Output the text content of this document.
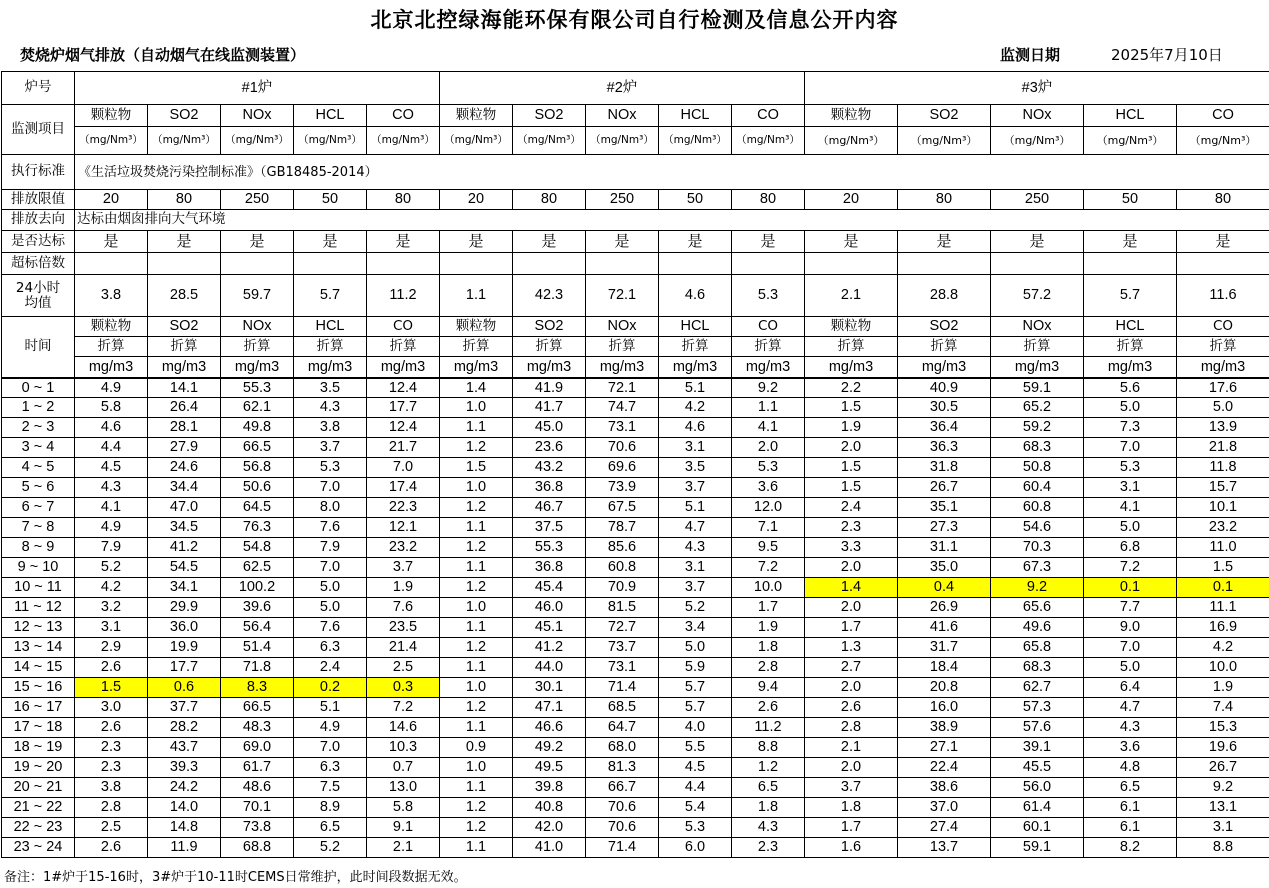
北京北控绿海能环保有限公司自行检测及信息公开内容
焚烧炉烟气排放（自动烟气在线监测装置）	监测日期	2025年7月10日
炉号	#1炉					#2炉					#3炉				
监测项目	颗粒物	SO2	NOx	HCL	CO	颗粒物	SO2	NOx	HCL	CO	颗粒物	SO2	NOx	HCL	CO
	（mg/Nm³）	（mg/Nm³）	（mg/Nm³）	（mg/Nm³）	（mg/Nm³）	（mg/Nm³）	（mg/Nm³）	（mg/Nm³）	（mg/Nm³）	（mg/Nm³）	（mg/Nm³）	（mg/Nm³）	（mg/Nm³）	（mg/Nm³）	（mg/Nm³）
执行标准	《生活垃圾焚烧污染控制标准》（GB18485-2014）														
排放限值	20	80	250	50	80	20	80	250	50	80	20	80	250	50	80
排放去向	达标由烟囱排向大气环境														
是否达标	是	是	是	是	是	是	是	是	是	是	是	是	是	是	是
超标倍数															

24小时
均值	3.8	28.5	59.7	5.7	11.2	1.1	42.3	72.1	4.6	5.3	2.1	28.8	57.2	5.7	11.6
时间	颗粒物	SO2	NOx	HCL	CO	颗粒物	SO2	NOx	HCL	CO	颗粒物	SO2	NOx	HCL	CO
	折算	折算	折算	折算	折算	折算	折算	折算	折算	折算	折算	折算	折算	折算	折算
	mg/m3	mg/m3	mg/m3	mg/m3	mg/m3	mg/m3	mg/m3	mg/m3	mg/m3	mg/m3	mg/m3	mg/m3	mg/m3	mg/m3	mg/m3
0 ~ 1	4.9	14.1	55.3	3.5	12.4	1.4	41.9	72.1	5.1	9.2	2.2	40.9	59.1	5.6	17.6
1 ~ 2	5.8	26.4	62.1	4.3	17.7	1.0	41.7	74.7	4.2	1.1	1.5	30.5	65.2	5.0	5.0
2 ~ 3	4.6	28.1	49.8	3.8	12.4	1.1	45.0	73.1	4.6	4.1	1.9	36.4	59.2	7.3	13.9
3 ~ 4	4.4	27.9	66.5	3.7	21.7	1.2	23.6	70.6	3.1	2.0	2.0	36.3	68.3	7.0	21.8
4 ~ 5	4.5	24.6	56.8	5.3	7.0	1.5	43.2	69.6	3.5	5.3	1.5	31.8	50.8	5.3	11.8
5 ~ 6	4.3	34.4	50.6	7.0	17.4	1.0	36.8	73.9	3.7	3.6	1.5	26.7	60.4	3.1	15.7
6 ~ 7	4.1	47.0	64.5	8.0	22.3	1.2	46.7	67.5	5.1	12.0	2.4	35.1	60.8	4.1	10.1
7 ~ 8	4.9	34.5	76.3	7.6	12.1	1.1	37.5	78.7	4.7	7.1	2.3	27.3	54.6	5.0	23.2
8 ~ 9	7.9	41.2	54.8	7.9	23.2	1.2	55.3	85.6	4.3	9.5	3.3	31.1	70.3	6.8	11.0
9 ~ 10	5.2	54.5	62.5	7.0	3.7	1.1	36.8	60.8	3.1	7.2	2.0	35.0	67.3	7.2	1.5
10 ~ 11	4.2	34.1	100.2	5.0	1.9	1.2	45.4	70.9	3.7	10.0	1.4	0.4	9.2	0.1	0.1
11 ~ 12	3.2	29.9	39.6	5.0	7.6	1.0	46.0	81.5	5.2	1.7	2.0	26.9	65.6	7.7	11.1
12 ~ 13	3.1	36.0	56.4	7.6	23.5	1.1	45.1	72.7	3.4	1.9	1.7	41.6	49.6	9.0	16.9
13 ~ 14	2.9	19.9	51.4	6.3	21.4	1.2	41.2	73.7	5.0	1.8	1.3	31.7	65.8	7.0	4.2
14 ~ 15	2.6	17.7	71.8	2.4	2.5	1.1	44.0	73.1	5.9	2.8	2.7	18.4	68.3	5.0	10.0
15 ~ 16	1.5	0.6	8.3	0.2	0.3	1.0	30.1	71.4	5.7	9.4	2.0	20.8	62.7	6.4	1.9
16 ~ 17	3.0	37.7	66.5	5.1	7.2	1.2	47.1	68.5	5.7	2.6	2.6	16.0	57.3	4.7	7.4
17 ~ 18	2.6	28.2	48.3	4.9	14.6	1.1	46.6	64.7	4.0	11.2	2.8	38.9	57.6	4.3	15.3
18 ~ 19	2.3	43.7	69.0	7.0	10.3	0.9	49.2	68.0	5.5	8.8	2.1	27.1	39.1	3.6	19.6
19 ~ 20	2.3	39.3	61.7	6.3	0.7	1.0	49.5	81.3	4.5	1.2	2.0	22.4	45.5	4.8	26.7
20 ~ 21	3.8	24.2	48.6	7.5	13.0	1.1	39.8	66.7	4.4	6.5	3.7	38.6	56.0	6.5	9.2
21 ~ 22	2.8	14.0	70.1	8.9	5.8	1.2	40.8	70.6	5.4	1.8	1.8	37.0	61.4	6.1	13.1
22 ~ 23	2.5	14.8	73.8	6.5	9.1	1.2	42.0	70.6	5.3	4.3	1.7	27.4	60.1	6.1	3.1
23 ~ 24	2.6	11.9	68.8	5.2	2.1	1.1	41.0	71.4	6.0	2.3	1.6	13.7	59.1	8.2	8.8
备注：1#炉于15-16时，3#炉于10-11时CEMS日常维护，此时间段数据无效。
